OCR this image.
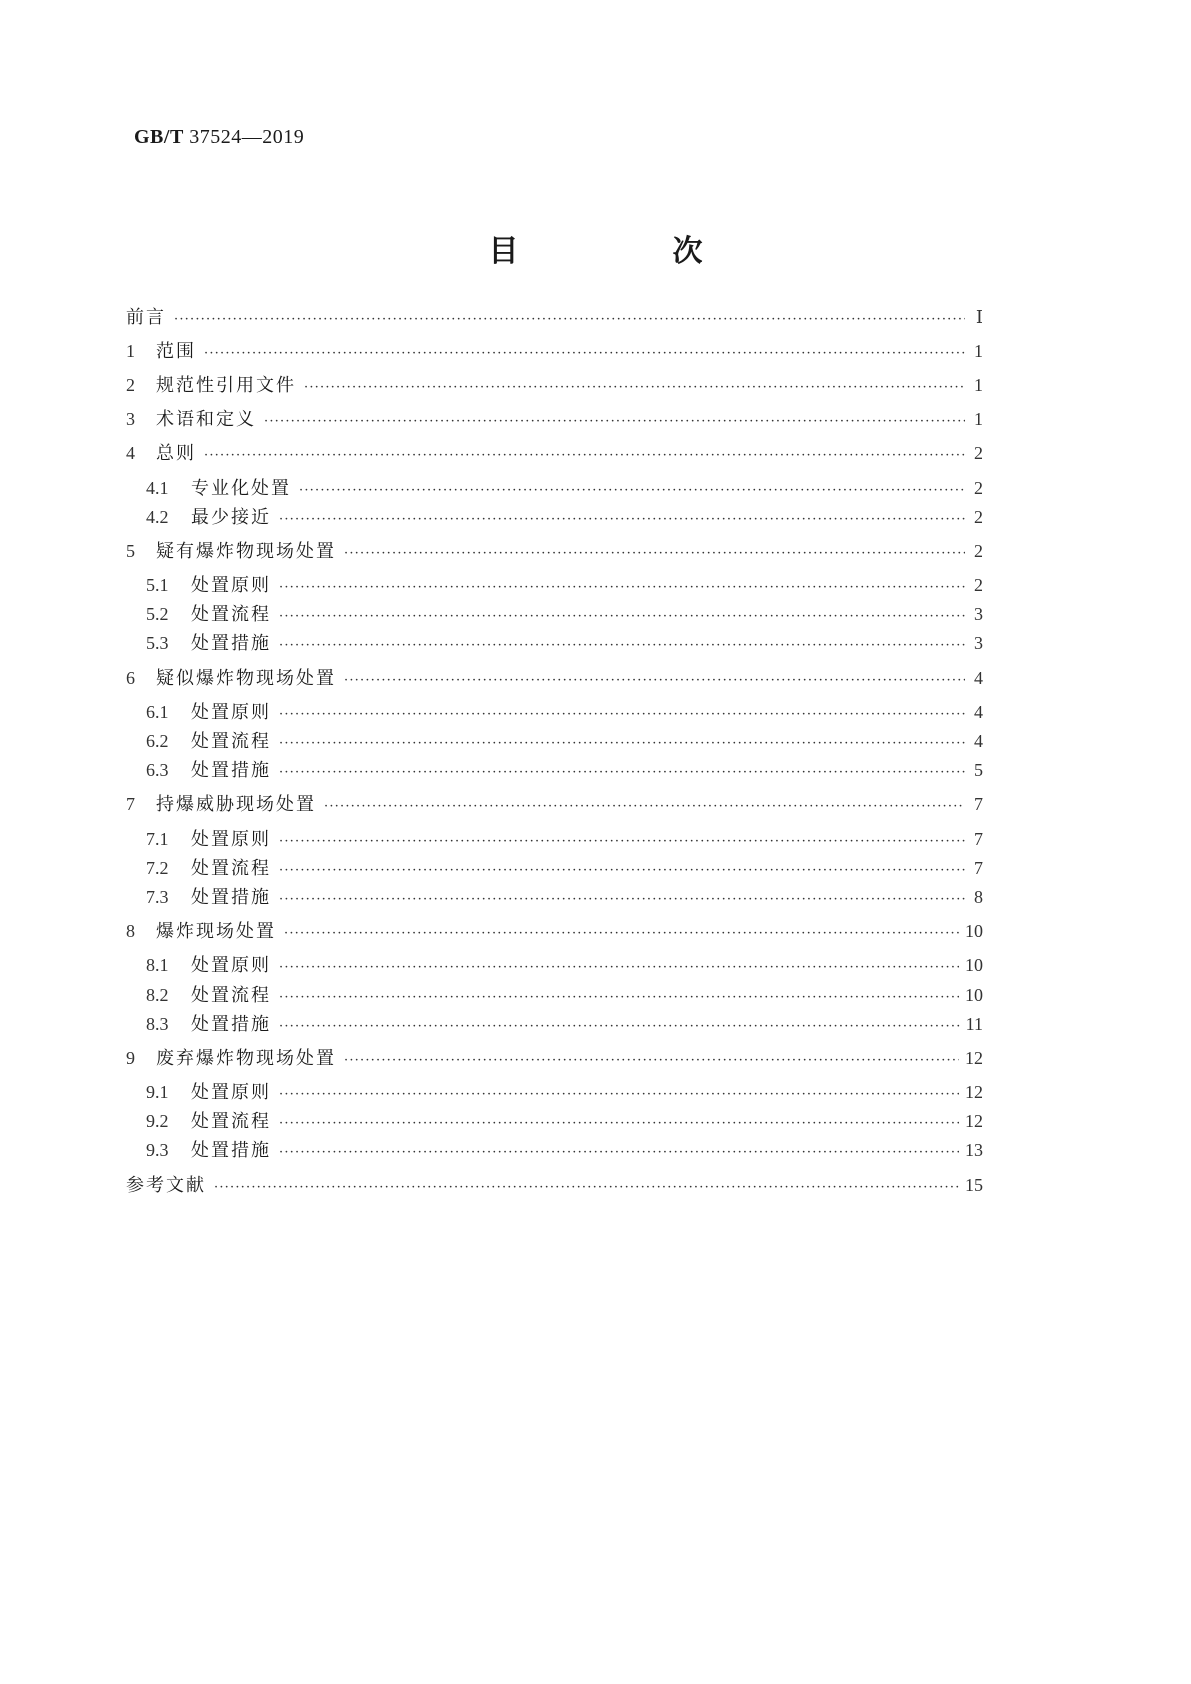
GB/T 37524—2019
目　次
前言 ·····	Ⅰ
1	范围 ·····	1
2	规范性引用文件 ·····	1
3	术语和定义 ·····	1
4	总则 ·····	2
4.1	专业化处置 ·····	2
4.2	最少接近 ·····	2
5	疑有爆炸物现场处置 ·····	2
5.1	处置原则 ·····	2
5.2	处置流程 ·····	3
5.3	处置措施 ·····	3
6	疑似爆炸物现场处置 ·····	4
6.1	处置原则 ·····	4
6.2	处置流程 ·····	4
6.3	处置措施 ·····	5
7	持爆威胁现场处置 ·····	7
7.1	处置原则 ·····	7
7.2	处置流程 ·····	7
7.3	处置措施 ·····	8
8	爆炸现场处置 ·····	10
8.1	处置原则 ·····	10
8.2	处置流程 ·····	10
8.3	处置措施 ·····	11
9	废弃爆炸物现场处置 ·····	12
9.1	处置原则 ·····	12
9.2	处置流程 ·····	12
9.3	处置措施 ·····	13
参考文献 ·····	15
